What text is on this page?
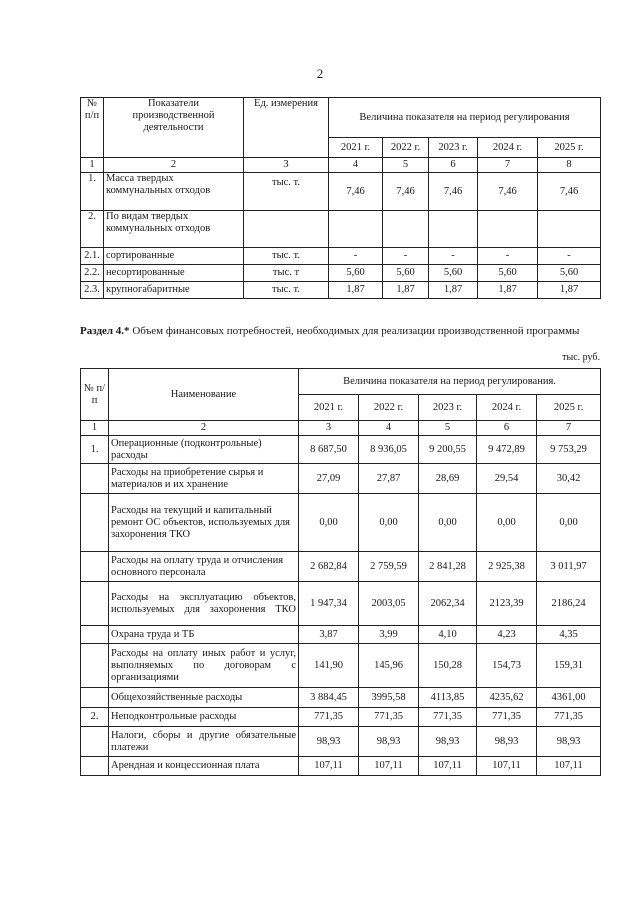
2
№ п/п	Показатели производственной деятельности	Ед. измерения	Величина показателя на период регулирования				
			2021 г.	2022 г.	2023 г.	2024 г.	2025 г.
1	2	3	4	5	6	7	8
1.	Масса твердых коммунальных отходов	тыс. т.	7,46	7,46	7,46	7,46	7,46
2.	По видам твердых коммунальных отходов						
2.1.	сортированные	тыс. т.	-	-	-	-	-
2.2.	несортированные	тыс. т	5,60	5,60	5,60	5,60	5,60
2.3.	крупногабаритные	тыс. т.	1,87	1,87	1,87	1,87	1,87
Раздел 4.* Объем финансовых потребностей, необходимых для реализации производственной программы
тыс. руб.
№ п/п	Наименование	Величина показателя на период регулирования.				
		2021 г.	2022 г.	2023 г.	2024 г.	2025 г.
1	2	3	4	5	6	7
1.	Операционные (подконтрольные) расходы	8 687,50	8 936,05	9 200,55	9 472,89	9 753,29
	Расходы на приобретение сырья и материалов и их хранение	27,09	27,87	28,69	29,54	30,42
	Расходы на текущий и капитальный ремонт ОС объектов, используемых для захоронения ТКО	0,00	0,00	0,00	0,00	0,00
	Расходы на оплату труда и отчисления основного персонала	2 682,84	2 759,59	2 841,28	2 925,38	3 011,97
	Расходы на эксплуатацию объектов, используемых для захоронения ТКО	1 947,34	2003,05	2062,34	2123,39	2186,24
	Охрана труда и ТБ	3,87	3,99	4,10	4,23	4,35
	Расходы на оплату иных работ и услуг, выполняемых по договорам с организациями	141,90	145,96	150,28	154,73	159,31
	Общехозяйственные расходы	3 884,45	3995,58	4113,85	4235,62	4361,00
2.	Неподконтрольные расходы	771,35	771,35	771,35	771,35	771,35
	Налоги, сборы и другие обязательные платежи	98,93	98,93	98,93	98,93	98,93
	Арендная и концессионная плата	107,11	107,11	107,11	107,11	107,11
